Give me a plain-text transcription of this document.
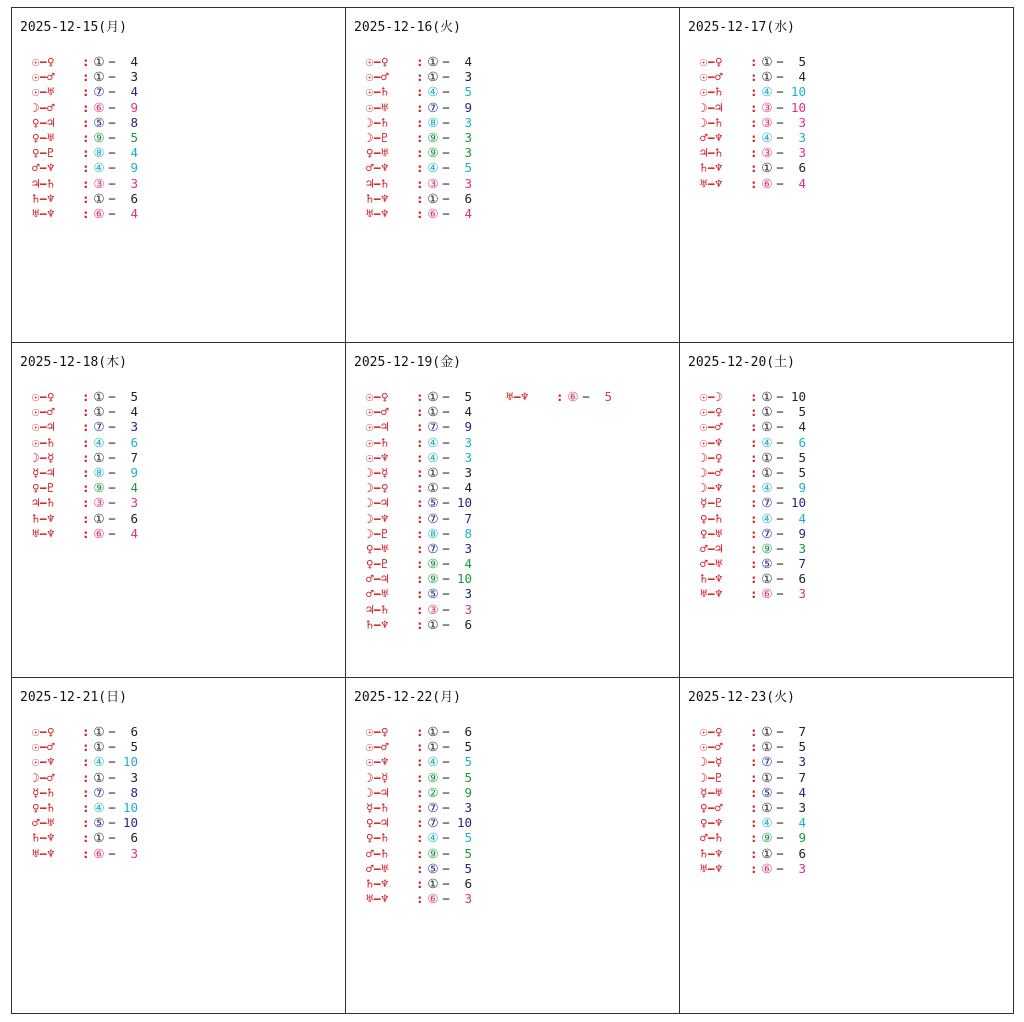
2025-12-15(月)
☉−♀ : ① − 4
☉−♂ : ① − 3
☉−♅ : ⑦ − 4
☽−♂ : ⑥ − 9
♀−♃ : ⑤ − 8
♀−♅ : ⑨ − 5
♀−♇ : ⑧ − 4
♂−♆ : ④ − 9
♃−♄ : ③ − 3
♄−♆ : ① − 6
♅−♆ : ⑥ − 4
2025-12-16(火)
☉−♀ : ① − 4
☉−♂ : ① − 3
☉−♄ : ④ − 5
☉−♅ : ⑦ − 9
☽−♄ : ⑧ − 3
☽−♇ : ⑨ − 3
♀−♅ : ⑨ − 3
♂−♆ : ④ − 5
♃−♄ : ③ − 3
♄−♆ : ① − 6
♅−♆ : ⑥ − 4
2025-12-17(水)
☉−♀ : ① − 5
☉−♂ : ① − 4
☉−♄ : ④ − 10
☽−♃ : ③ − 10
☽−♄ : ③ − 3
♂−♆ : ④ − 3
♃−♄ : ③ − 3
♄−♆ : ① − 6
♅−♆ : ⑥ − 4
2025-12-18(木)
☉−♀ : ① − 5
☉−♂ : ① − 4
☉−♃ : ⑦ − 3
☉−♄ : ④ − 6
☽−☿ : ① − 7
☿−♃ : ⑧ − 9
♀−♇ : ⑨ − 4
♃−♄ : ③ − 3
♄−♆ : ① − 6
♅−♆ : ⑥ − 4
2025-12-19(金)
☉−♀ : ① − 5
☉−♂ : ① − 4
☉−♃ : ⑦ − 9
☉−♄ : ④ − 3
☉−♆ : ④ − 3
☽−☿ : ① − 3
☽−♀ : ① − 4
☽−♃ : ⑤ − 10
☽−♆ : ⑦ − 7
☽−♇ : ⑧ − 8
♀−♅ : ⑦ − 3
♀−♇ : ⑨ − 4
♂−♃ : ⑨ − 10
♂−♅ : ⑤ − 3
♃−♄ : ③ − 3
♄−♆ : ① − 6
♅−♆ : ⑥ − 5
2025-12-20(土)
☉−☽ : ① − 10
☉−♀ : ① − 5
☉−♂ : ① − 4
☉−♆ : ④ − 6
☽−♀ : ① − 5
☽−♂ : ① − 5
☽−♆ : ④ − 9
☿−♇ : ⑦ − 10
♀−♄ : ④ − 4
♀−♅ : ⑦ − 9
♂−♃ : ⑨ − 3
♂−♅ : ⑤ − 7
♄−♆ : ① − 6
♅−♆ : ⑥ − 3
2025-12-21(日)
☉−♀ : ① − 6
☉−♂ : ① − 5
☉−♆ : ④ − 10
☽−♂ : ① − 3
☿−♄ : ⑦ − 8
♀−♄ : ④ − 10
♂−♅ : ⑤ − 10
♄−♆ : ① − 6
♅−♆ : ⑥ − 3
2025-12-22(月)
☉−♀ : ① − 6
☉−♂ : ① − 5
☉−♆ : ④ − 5
☽−☿ : ⑨ − 5
☽−♃ : ② − 9
☿−♄ : ⑦ − 3
♀−♃ : ⑦ − 10
♀−♄ : ④ − 5
♂−♄ : ⑨ − 5
♂−♅ : ⑤ − 5
♄−♆ : ① − 6
♅−♆ : ⑥ − 3
2025-12-23(火)
☉−♀ : ① − 7
☉−♂ : ① − 5
☽−☿ : ⑦ − 3
☽−♇ : ① − 7
☿−♅ : ⑤ − 4
♀−♂ : ① − 3
♀−♆ : ④ − 4
♂−♄ : ⑨ − 9
♄−♆ : ① − 6
♅−♆ : ⑥ − 3
